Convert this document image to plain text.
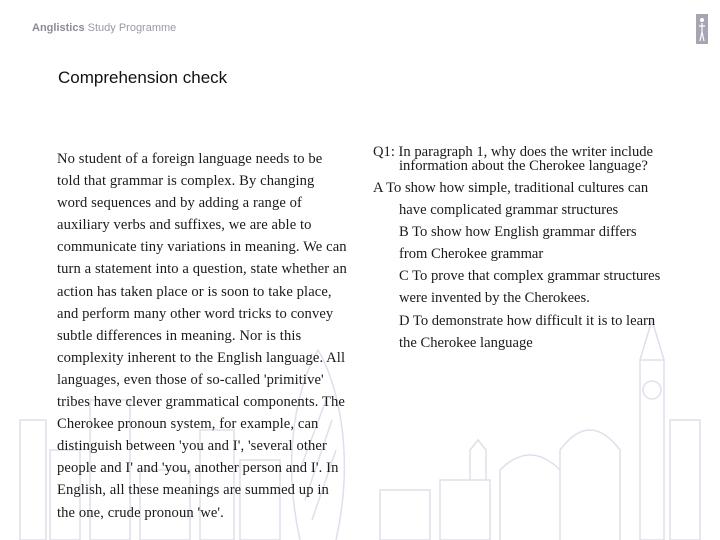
Anglistics Study Programme
Comprehension check

No student of a foreign language needs to be told that grammar is complex. By changing word sequences and by adding a range of auxiliary verbs and suffixes, we are able to communicate tiny variations in meaning. We can turn a statement into a question, state whether an action has taken place or is soon to take place, and perform many other word tricks to convey subtle differences in meaning. Nor is this complexity inherent to the English language. All languages, even those of so-called 'primitive' tribes have clever grammatical components. The Cherokee pronoun system, for example, can distinguish between 'you and I', 'several other people and I' and 'you, another person and I'. In English, all these meanings are summed up in the one, crude pronoun 'we'.

Q1: In paragraph 1, why does the writer include information about the Cherokee language?

A To show how simple, traditional cultures can have complicated grammar structures
B To show how English grammar differs from Cherokee grammar
C To prove that complex grammar structures were invented by the Cherokees.
D To demonstrate how difficult it is to learn the Cherokee language
